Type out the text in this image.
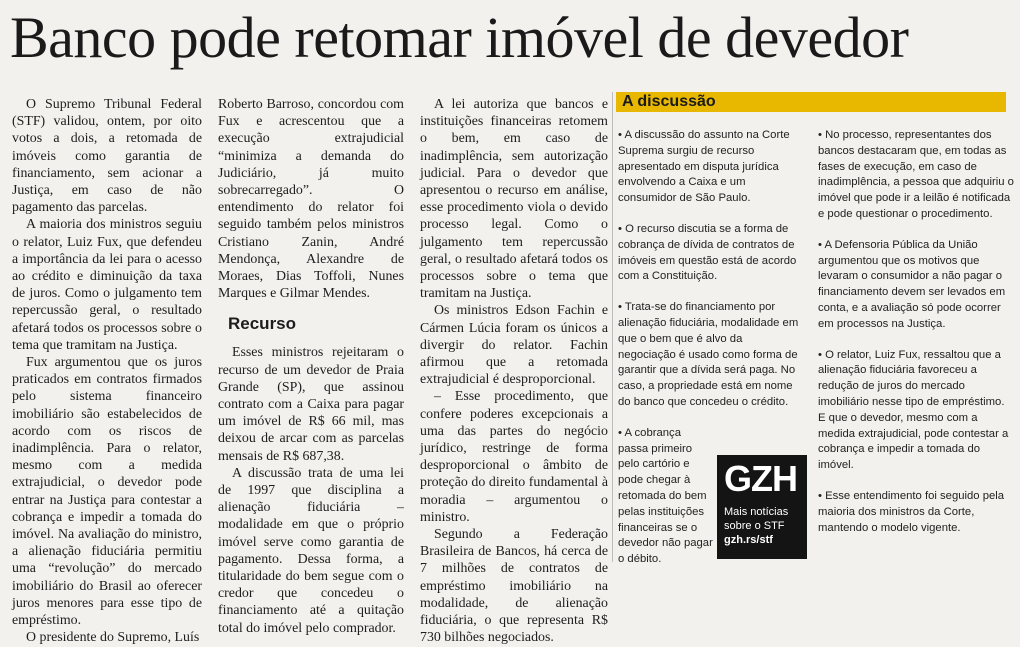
Banco pode retomar imóvel de devedor

O Supremo Tribunal Federal (STF) validou, ontem, por oito votos a dois, a retomada de imóveis como garantia de financiamento, sem acionar a Justiça, em caso de não pagamento das parcelas.

A maioria dos ministros seguiu o relator, Luiz Fux, que defendeu a importância da lei para o acesso ao crédito e diminuição da taxa de juros. Como o julgamento tem repercussão geral, o resultado afetará todos os processos sobre o tema que tramitam na Justiça.

Fux argumentou que os juros praticados em contratos firmados pelo sistema financeiro imobiliário são estabelecidos de acordo com os riscos de inadimplência. Para o relator, mesmo com a medida extrajudicial, o devedor pode entrar na Justiça para contestar a cobrança e impedir a tomada do imóvel. Na avaliação do ministro, a alienação fiduciária permitiu uma “revolução” do mercado imobiliário do Brasil ao oferecer juros menores para esse tipo de empréstimo.

O presidente do Supremo, Luís

Roberto Barroso, concordou com Fux e acrescentou que a execução extrajudicial “minimiza a demanda do Judiciário, já muito sobrecarregado”. O entendimento do relator foi seguido também pelos ministros Cristiano Zanin, André Mendonça, Alexandre de Moraes, Dias Toffoli, Nunes Marques e Gilmar Mendes.

Recurso

Esses ministros rejeitaram o recurso de um devedor de Praia Grande (SP), que assinou contrato com a Caixa para pagar um imóvel de R$ 66 mil, mas deixou de arcar com as parcelas mensais de R$ 687,38.

A discussão trata de uma lei de 1997 que disciplina a alienação fiduciária – modalidade em que o próprio imóvel serve como garantia de pagamento. Dessa forma, a titularidade do bem segue com o credor que concedeu o financiamento até a quitação total do imóvel pelo comprador.

A lei autoriza que bancos e instituições financeiras retomem o bem, em caso de inadimplência, sem autorização judicial. Para o devedor que apresentou o recurso em análise, esse procedimento viola o devido processo legal. Como o julgamento tem repercussão geral, o resultado afetará todos os processos sobre o tema que tramitam na Justiça.

Os ministros Edson Fachin e Cármen Lúcia foram os únicos a divergir do relator. Fachin afirmou que a retomada extrajudicial é desproporcional.

– Esse procedimento, que confere poderes excepcionais a uma das partes do negócio jurídico, restringe de forma desproporcional o âmbito de proteção do direito fundamental à moradia – argumentou o ministro.

Segundo a Federação Brasileira de Bancos, há cerca de 7 milhões de contratos de empréstimo imobiliário na modalidade, de alienação fiduciária, o que representa R$ 730 bilhões negociados.

A discussão

• A discussão do assunto na Corte Suprema surgiu de recurso apresentado em disputa jurídica envolvendo a Caixa e um consumidor de São Paulo.

• O recurso discutia se a forma de cobrança de dívida de contratos de imóveis em questão está de acordo com a Constituição.

• Trata-se do financiamento por alienação fiduciária, modalidade em que o bem que é alvo da negociação é usado como forma de garantir que a dívida será paga. No caso, a propriedade está em nome do banco que concedeu o crédito.

• A cobrança passa primeiro pelo cartório e pode chegar à retomada do bem pelas instituições financeiras se o devedor não pagar o débito.

• No processo, representantes dos bancos destacaram que, em todas as fases de execução, em caso de inadimplência, a pessoa que adquiriu o imóvel que pode ir a leilão é notificada e pode questionar o procedimento.

• A Defensoria Pública da União argumentou que os motivos que levaram o consumidor a não pagar o financiamento devem ser levados em conta, e a avaliação só pode ocorrer em processos na Justiça.

• O relator, Luiz Fux, ressaltou que a alienação fiduciária favoreceu a redução de juros do mercado imobiliário nesse tipo de empréstimo. E que o devedor, mesmo com a medida extrajudicial, pode contestar a cobrança e impedir a tomada do imóvel.

• Esse entendimento foi seguido pela maioria dos ministros da Corte, mantendo o modelo vigente.

GZH
Mais notícias sobre o STF
gzh.rs/stf
